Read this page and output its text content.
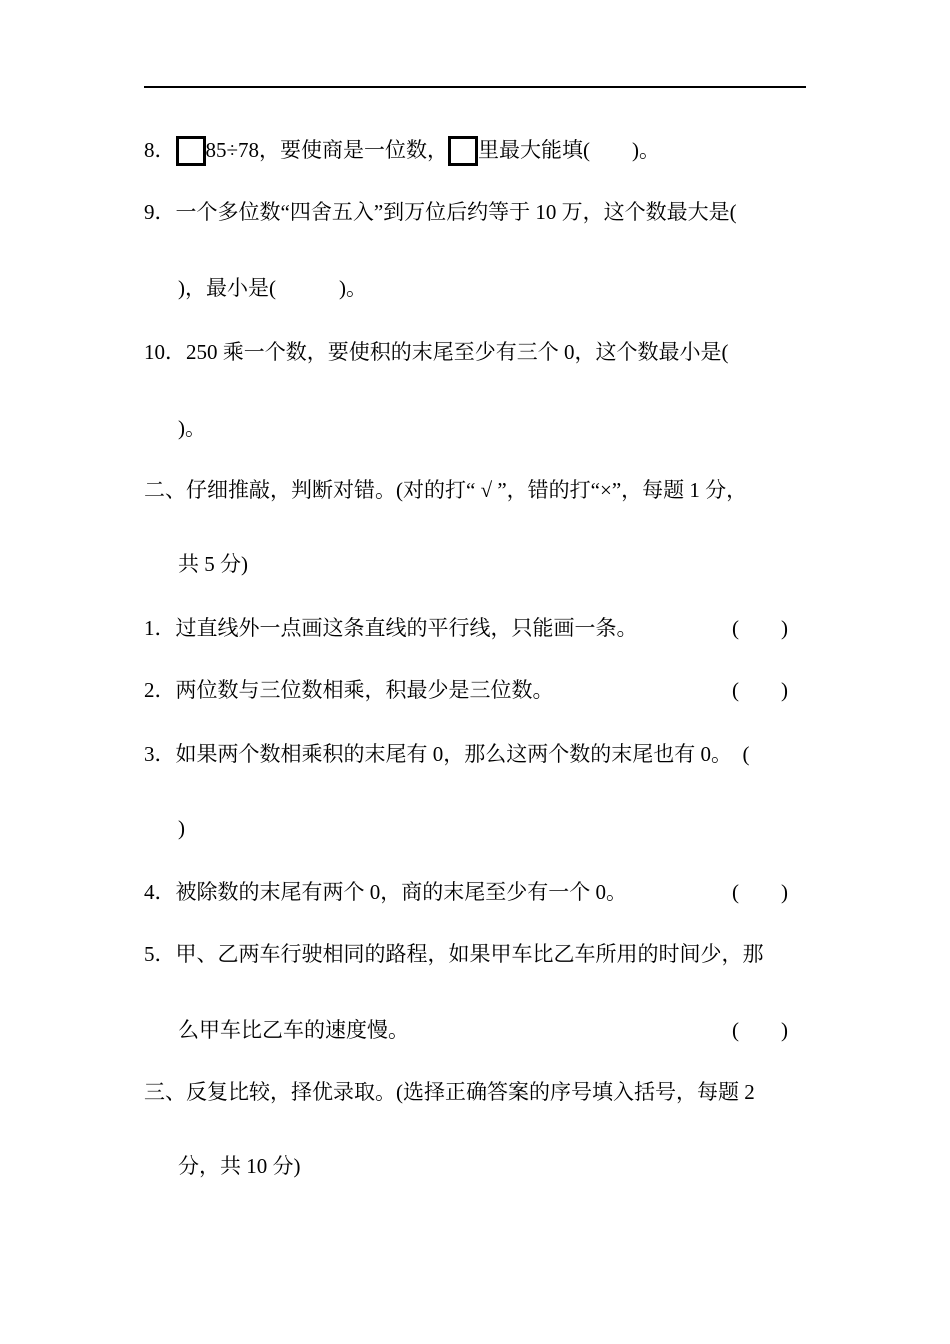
8． 85÷78，要使商是一位数， 里最大能填(        )。
9．一个多位数“四舍五入”到万位后约等于 10 万，这个数最大是(
)，最小是(            )。
10．250 乘一个数，要使积的末尾至少有三个 0，这个数最小是(
)。
二、仔细推敲，判断对错。(对的打“ √ ”，错的打“×”，每题 1 分，
共 5 分)
1．过直线外一点画这条直线的平行线，只能画一条。	(        )
2．两位数与三位数相乘，积最少是三位数。	(        )
3．如果两个数相乘积的末尾有 0，那么这两个数的末尾也有 0。  (
)
4．被除数的末尾有两个 0，商的末尾至少有一个 0。	(        )
5．甲、乙两车行驶相同的路程，如果甲车比乙车所用的时间少，那
么甲车比乙车的速度慢。	(        )
三、反复比较，择优录取。(选择正确答案的序号填入括号，每题 2
分，共 10 分)
